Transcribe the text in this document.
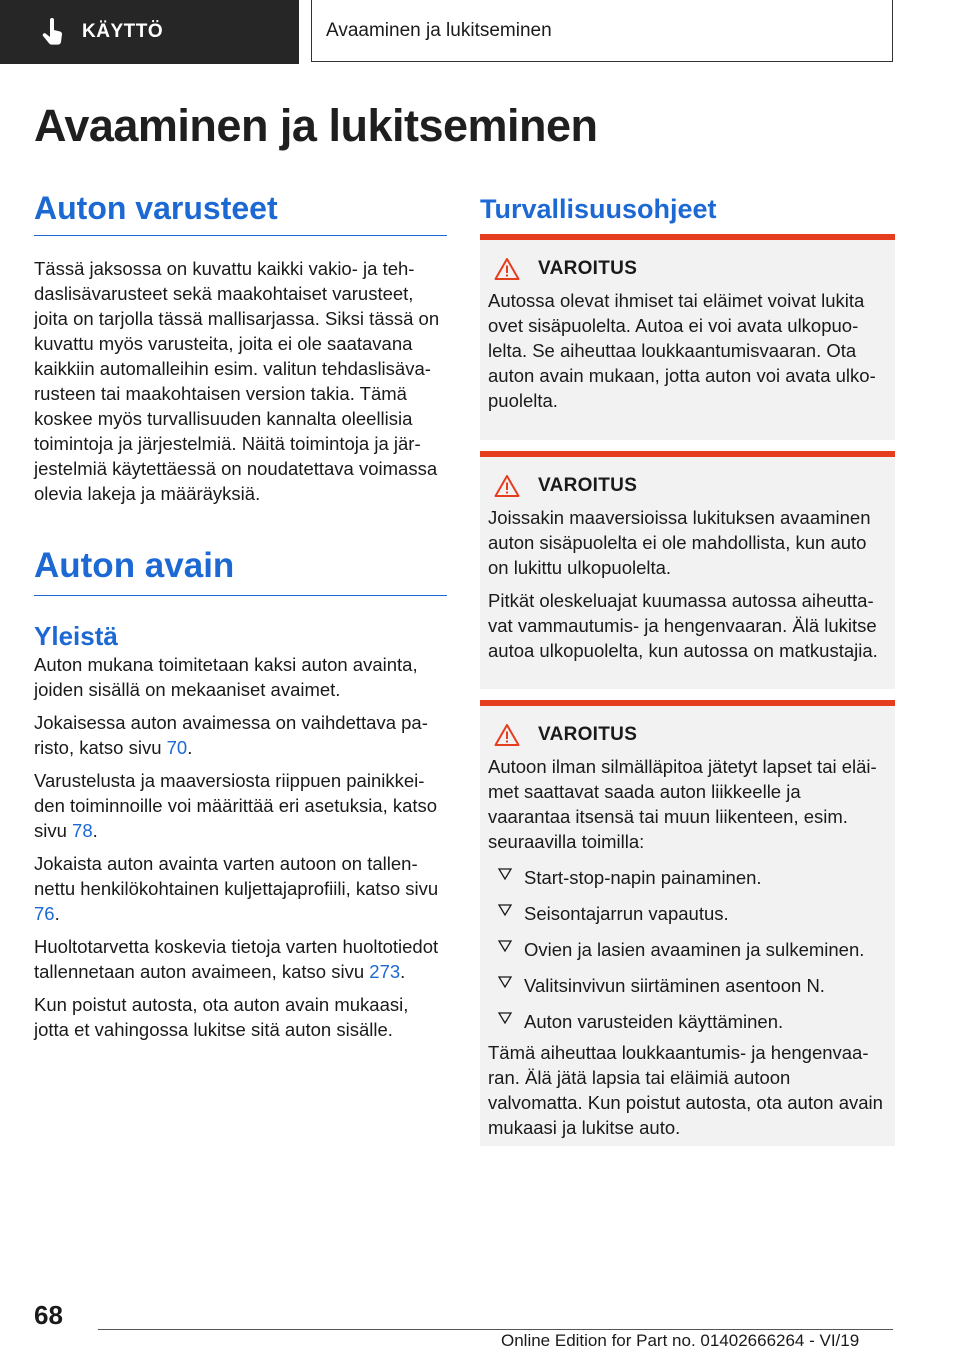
KÄYTTÖ	Avaaminen ja lukitseminen
Avaaminen ja lukitseminen
Auton varusteet

Tässä jaksossa on kuvattu kaikki vakio- ja tehdaslisävarusteet sekä maakohtaiset varusteet, joita on tarjolla tässä mallisarjassa. Siksi tässä on kuvattu myös varusteita, joita ei ole saatavana kaikkiin automalleihin esim. valitun tehdaslisävarusteen tai maakohtaisen version takia. Tämä koskee myös turvallisuuden kannalta oleellisia toimintoja ja järjestelmiä. Näitä toimintoja ja järjestelmiä käytettäessä on noudatettava voimassa olevia lakeja ja määräyksiä.

Auton avain
Yleistä

Auton mukana toimitetaan kaksi auton avainta, joiden sisällä on mekaaniset avaimet.

Jokaisessa auton avaimessa on vaihdettava paristo, katso sivu 70.

Varustelusta ja maaversiosta riippuen painikkeiden toiminnoille voi määrittää eri asetuksia, katso sivu 78.

Jokaista auton avainta varten autoon on tallennettu henkilökohtainen kuljettajaprofiili, katso sivu 76.

Huoltotarvetta koskevia tietoja varten huoltotiedot tallennetaan auton avaimeen, katso sivu 273.

Kun poistut autosta, ota auton avain mukaasi, jotta et vahingossa lukitse sitä auton sisälle.

Turvallisuusohjeet
VAROITUS

Autossa olevat ihmiset tai eläimet voivat lukita ovet sisäpuolelta. Autoa ei voi avata ulkopuolelta. Se aiheuttaa loukkaantumisvaaran. Ota auton avain mukaan, jotta auton voi avata ulkopuolelta.

VAROITUS

Joissakin maaversioissa lukituksen avaaminen auton sisäpuolelta ei ole mahdollista, kun auto on lukittu ulkopuolelta.

Pitkät oleskeluajat kuumassa autossa aiheuttavat vammautumis- ja hengenvaaran. Älä lukitse autoa ulkopuolelta, kun autossa on matkustajia.

VAROITUS

Autoon ilman silmälläpitoa jätetyt lapset tai eläimet saattavat saada auton liikkeelle ja vaarantaa itsensä tai muun liikenteen, esim. seuraavilla toimilla:

Start-stop-napin painaminen.

Seisontajarrun vapautus.

Ovien ja lasien avaaminen ja sulkeminen.

Valitsinvivun siirtäminen asentoon N.

Auton varusteiden käyttäminen.

Tämä aiheuttaa loukkaantumis- ja hengenvaaran. Älä jätä lapsia tai eläimiä autoon valvomatta. Kun poistut autosta, ota auton avain mukaasi ja lukitse auto.

68
Online Edition for Part no. 01402666264 - VI/19
